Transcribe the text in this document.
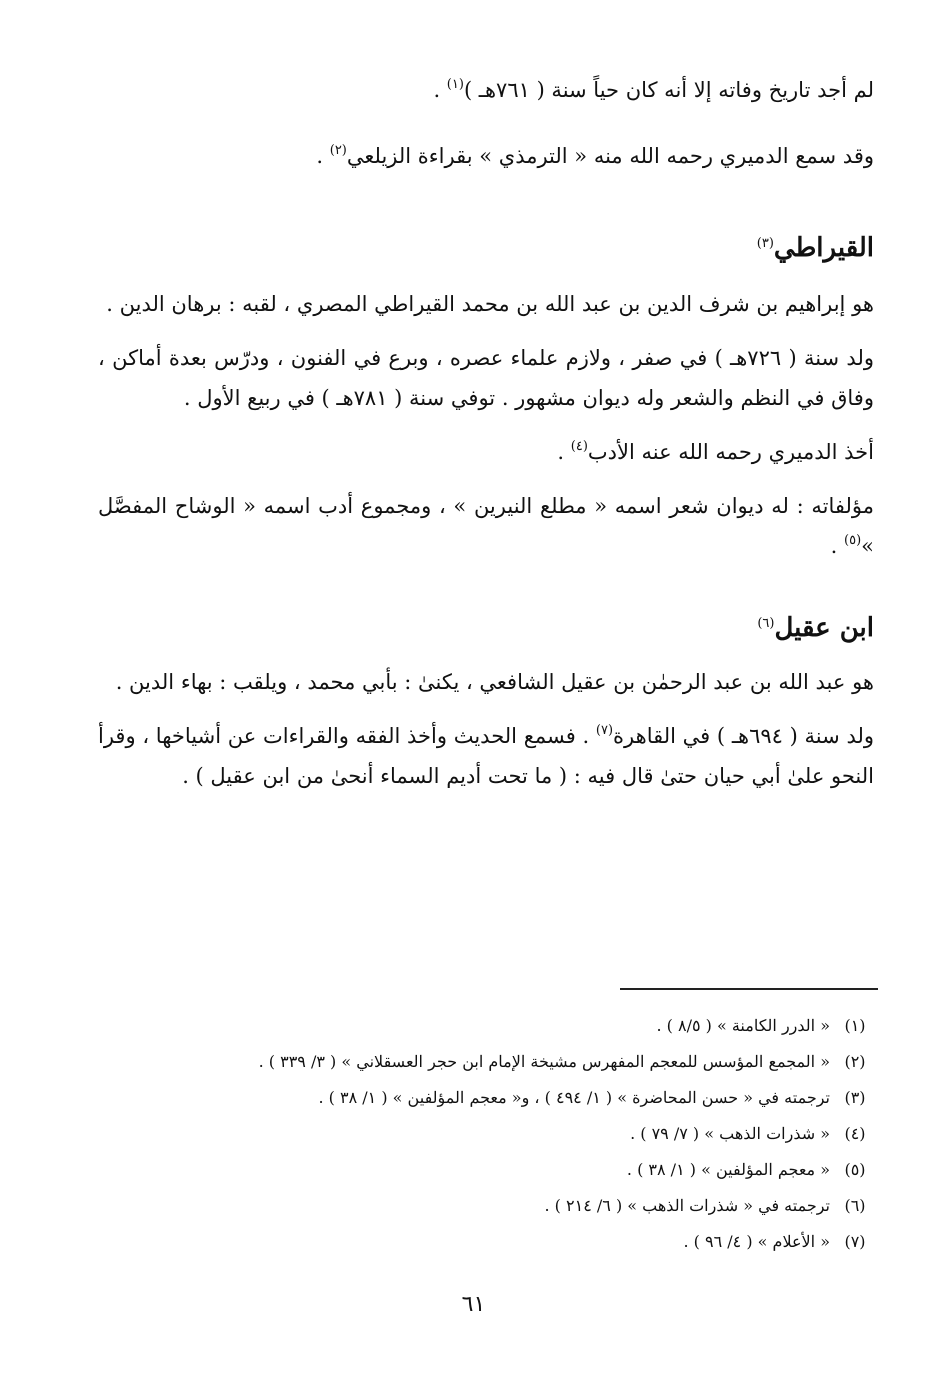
لم أجد تاريخ وفاته إلا أنه كان حياً سنة ( ٧٦١هـ )$^{(١)}$ .

وقد سمع الدميري رحمه الله منه « الترمذي » بقراءة الزيلعي$^{(٢)}$ .

القيراطي$^{(٣)}$

هو إبراهيم بن شرف الدين بن عبد الله بن محمد القيراطي المصري ، لقبه : برهان الدين .

ولد سنة ( ٧٢٦هـ ) في صفر ، ولازم علماء عصره ، وبرع في الفنون ، ودرّس بعدة أماكن ، وفاق في النظم والشعر وله ديوان مشهور . توفي سنة ( ٧٨١هـ ) في ربيع الأول .

أخذ الدميري رحمه الله عنه الأدب$^{(٤)}$ .

مؤلفاته : له ديوان شعر اسمه « مطلع النيرين » ، ومجموع أدب اسمه « الوشاح المفصَّل »$^{(٥)}$ .

ابن عقيل$^{(٦)}$

هو عبد الله بن عبد الرحمٰن بن عقيل الشافعي ، يكنىٰ : بأبي محمد ، ويلقب : بهاء الدين .

ولد سنة ( ٦٩٤هـ ) في القاهرة$^{(٧)}$ . فسمع الحديث وأخذ الفقه والقراءات عن أشياخها ، وقرأ النحو علىٰ أبي حيان حتىٰ قال فيه : ( ما تحت أديم السماء أنحىٰ من ابن عقيل ) .

(١)
« الدرر الكامنة » ( ٨/٥ ) .
(٢)
« المجمع المؤسس للمعجم المفهرس مشيخة الإمام ابن حجر العسقلاني » ( ٣/ ٣٣٩ ) .
(٣)
ترجمته في « حسن المحاضرة » ( ١/ ٤٩٤ ) ، و« معجم المؤلفين » ( ١/ ٣٨ ) .
(٤)
« شذرات الذهب » ( ٧/ ٧٩ ) .
(٥)
« معجم المؤلفين » ( ١/ ٣٨ ) .
(٦)
ترجمته في « شذرات الذهب » ( ٦/ ٢١٤ ) .
(٧)
« الأعلام » ( ٤/ ٩٦ ) .
٦١
